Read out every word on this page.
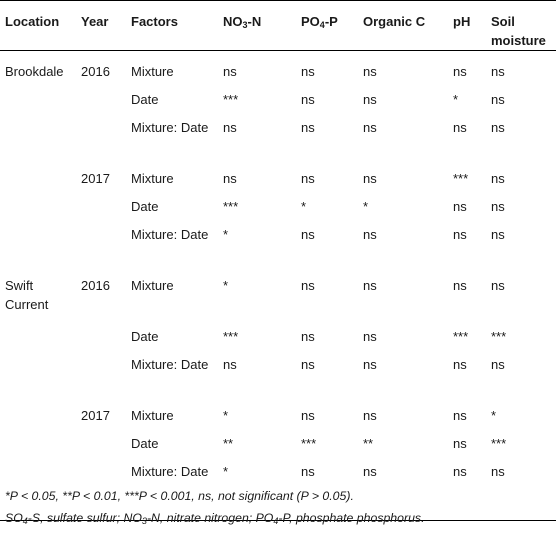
Location	Year	Factors	$NO_3-N$	$PO_4-P$	Organic C	pH	Soil moisture
Brookdale	2016	Mixture	ns	ns	ns	ns	ns
		Date	***	ns	ns	*	ns
		Mixture: Date	ns	ns	ns	ns	ns
	2017	Mixture	ns	ns	ns	***	ns
		Date	***	*	*	ns	ns
		Mixture: Date	*	ns	ns	ns	ns
Swift Current	2016	Mixture	*	ns	ns	ns	ns
		Date	***	ns	ns	***	***
		Mixture: Date	ns	ns	ns	ns	ns
	2017	Mixture	*	ns	ns	ns	*
		Date	**	***	**	ns	***
		Mixture: Date	*	ns	ns	ns	ns
*P < 0.05, **P < 0.01, ***P < 0.001, ns, not significant (P > 0.05).
$SO_4-S$, sulfate sulfur; $NO_3-N$, nitrate nitrogen; $PO_4-P$, phosphate phosphorus.
